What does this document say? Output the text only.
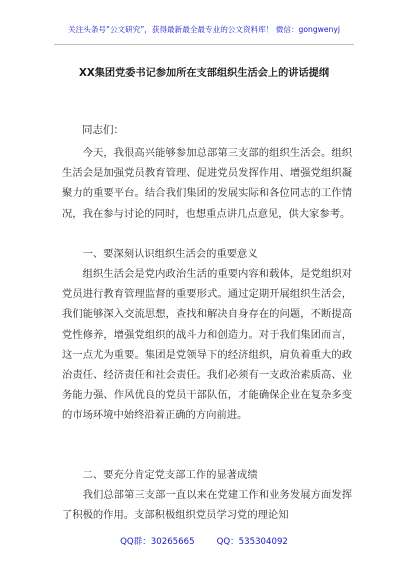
关注头条号“公文研究”，获得最新最全最专业的公文资料库！ 微信：gongwenyj
XX集团党委书记参加所在支部组织生活会上的讲话提纲
同志们：

今天，我很高兴能够参加总部第三支部的组织生活会。组织生活会是加强党员教育管理、促进党员发挥作用、增强党组织凝聚力的重要平台。结合我们集团的发展实际和各位同志的工作情况，我在参与讨论的同时，也想重点讲几点意见，供大家参考。

一、要深刻认识组织生活会的重要意义

组织生活会是党内政治生活的重要内容和载体，是党组织对党员进行教育管理监督的重要形式。通过定期开展组织生活会，我们能够深入交流思想，查找和解决自身存在的问题，不断提高党性修养，增强党组织的战斗力和创造力。对于我们集团而言，这一点尤为重要。集团是党领导下的经济组织，肩负着重大的政治责任、经济责任和社会责任。我们必须有一支政治素质高、业务能力强、作风优良的党员干部队伍，才能确保企业在复杂多变的市场环境中始终沿着正确的方向前进。

二、要充分肯定党支部工作的显著成绩

我们总部第三支部一直以来在党建工作和业务发展方面发挥了积极的作用。支部积极组织党员学习党的理论知

QQ群：30265665	QQ：535304092
